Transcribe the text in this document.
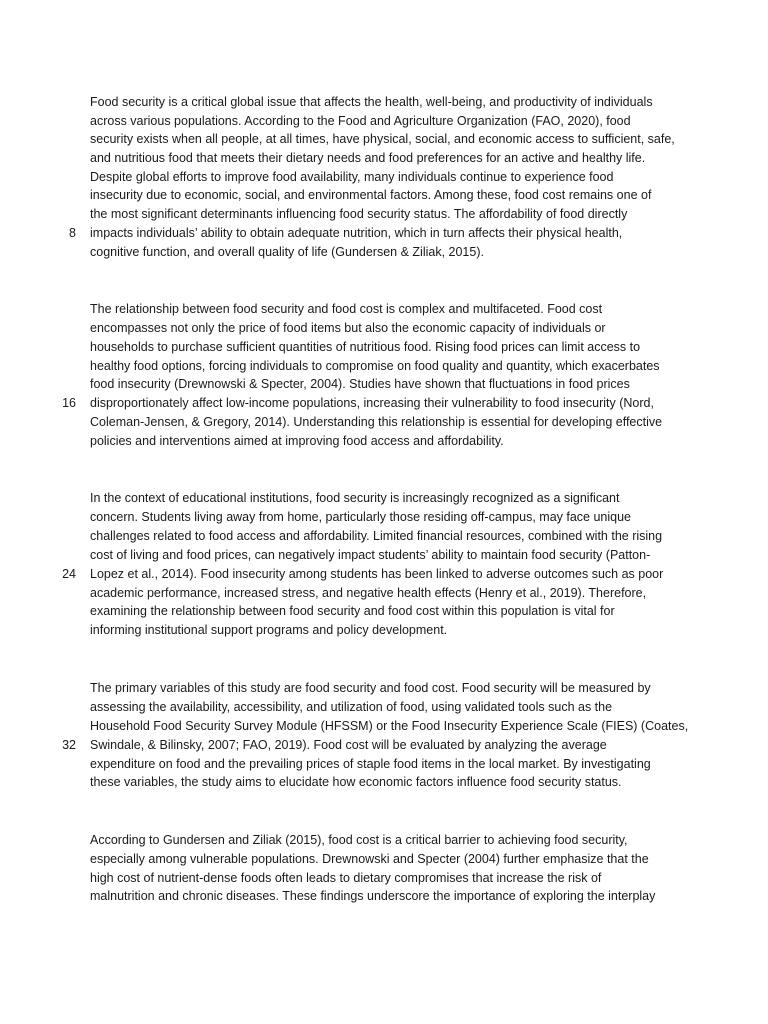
Food security is a critical global issue that affects the health, well-being, and productivity of individuals
across various populations. According to the Food and Agriculture Organization (FAO, 2020), food
security exists when all people, at all times, have physical, social, and economic access to sufficient, safe,
and nutritious food that meets their dietary needs and food preferences for an active and healthy life.
Despite global efforts to improve food availability, many individuals continue to experience food
insecurity due to economic, social, and environmental factors. Among these, food cost remains one of
the most significant determinants influencing food security status. The affordability of food directly
8 impacts individuals’ ability to obtain adequate nutrition, which in turn affects their physical health,
cognitive function, and overall quality of life (Gundersen & Ziliak, 2015).
The relationship between food security and food cost is complex and multifaceted. Food cost
encompasses not only the price of food items but also the economic capacity of individuals or
households to purchase sufficient quantities of nutritious food. Rising food prices can limit access to
healthy food options, forcing individuals to compromise on food quality and quantity, which exacerbates
food insecurity (Drewnowski & Specter, 2004). Studies have shown that fluctuations in food prices
16 disproportionately affect low-income populations, increasing their vulnerability to food insecurity (Nord,
Coleman-Jensen, & Gregory, 2014). Understanding this relationship is essential for developing effective
policies and interventions aimed at improving food access and affordability.
In the context of educational institutions, food security is increasingly recognized as a significant
concern. Students living away from home, particularly those residing off-campus, may face unique
challenges related to food access and affordability. Limited financial resources, combined with the rising
cost of living and food prices, can negatively impact students’ ability to maintain food security (Patton-
24 Lopez et al., 2014). Food insecurity among students has been linked to adverse outcomes such as poor
academic performance, increased stress, and negative health effects (Henry et al., 2019). Therefore,
examining the relationship between food security and food cost within this population is vital for
informing institutional support programs and policy development.
The primary variables of this study are food security and food cost. Food security will be measured by
assessing the availability, accessibility, and utilization of food, using validated tools such as the
Household Food Security Survey Module (HFSSM) or the Food Insecurity Experience Scale (FIES) (Coates,
32 Swindale, & Bilinsky, 2007; FAO, 2019). Food cost will be evaluated by analyzing the average
expenditure on food and the prevailing prices of staple food items in the local market. By investigating
these variables, the study aims to elucidate how economic factors influence food security status.
According to Gundersen and Ziliak (2015), food cost is a critical barrier to achieving food security,
especially among vulnerable populations. Drewnowski and Specter (2004) further emphasize that the
high cost of nutrient-dense foods often leads to dietary compromises that increase the risk of
malnutrition and chronic diseases. These findings underscore the importance of exploring the interplay
